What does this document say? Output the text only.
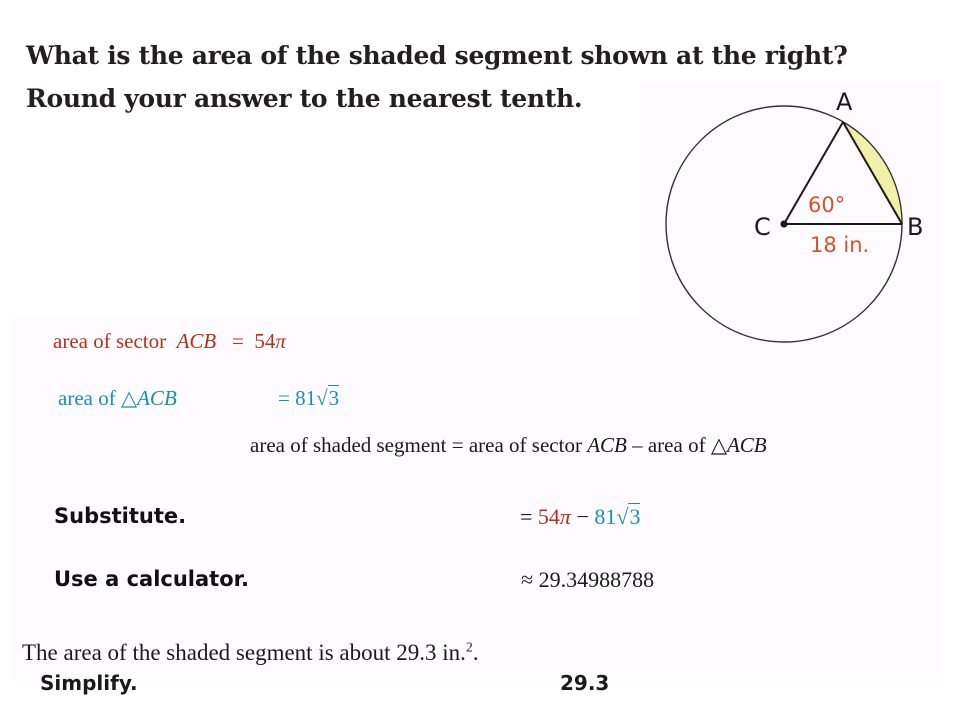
What is the area of the shaded segment shown at the right?

Round your answer to the nearest tenth.	A
B
C
60°
18 in.
area of sector ACB = 54π
area of △ACB	= 81√3
area of shaded segment = area of sector ACB – area of △ACB
Substitute.	= 54π − 81√3
Use a calculator.	≈ 29.34988788
The area of the shaded segment is about 29.3 in.$^2$.
Simplify.	29.3
